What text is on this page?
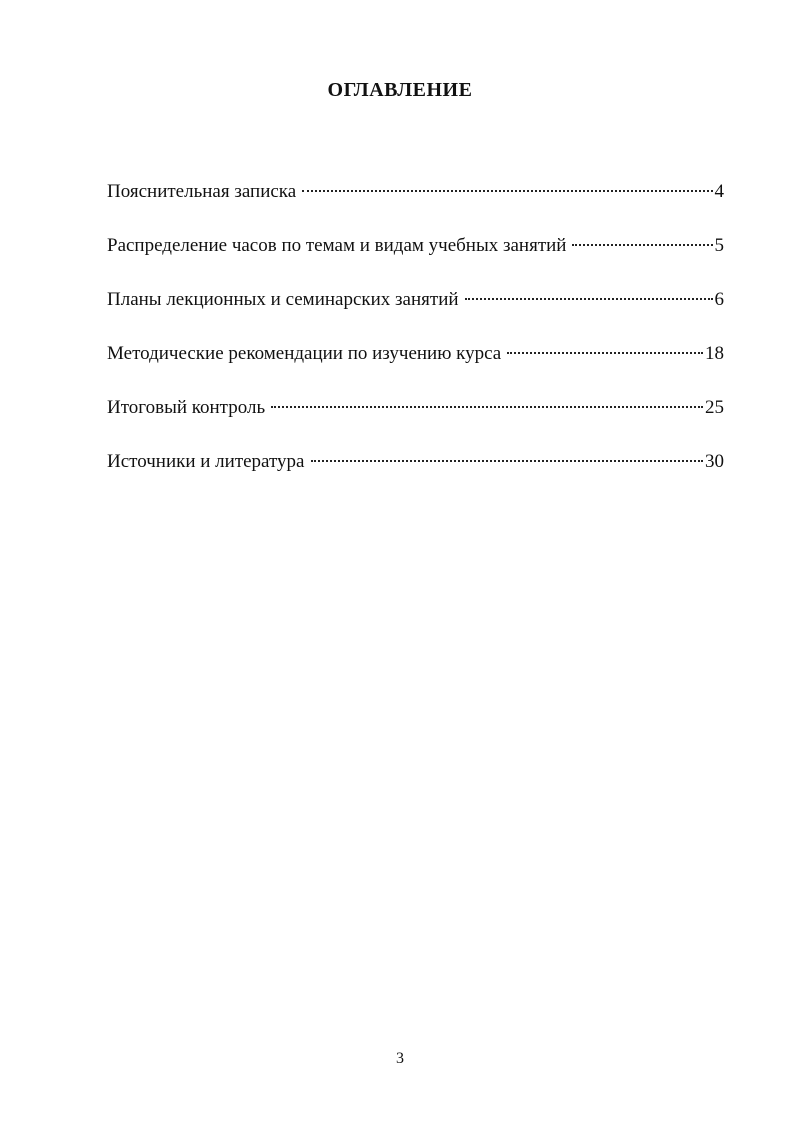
ОГЛАВЛЕНИЕ
Пояснительная записка	4
Распределение часов по темам и видам учебных занятий	5
Планы лекционных и семинарских занятий	6
Методические рекомендации по изучению курса	18
Итоговый контроль	25
Источники и литература	30
3
